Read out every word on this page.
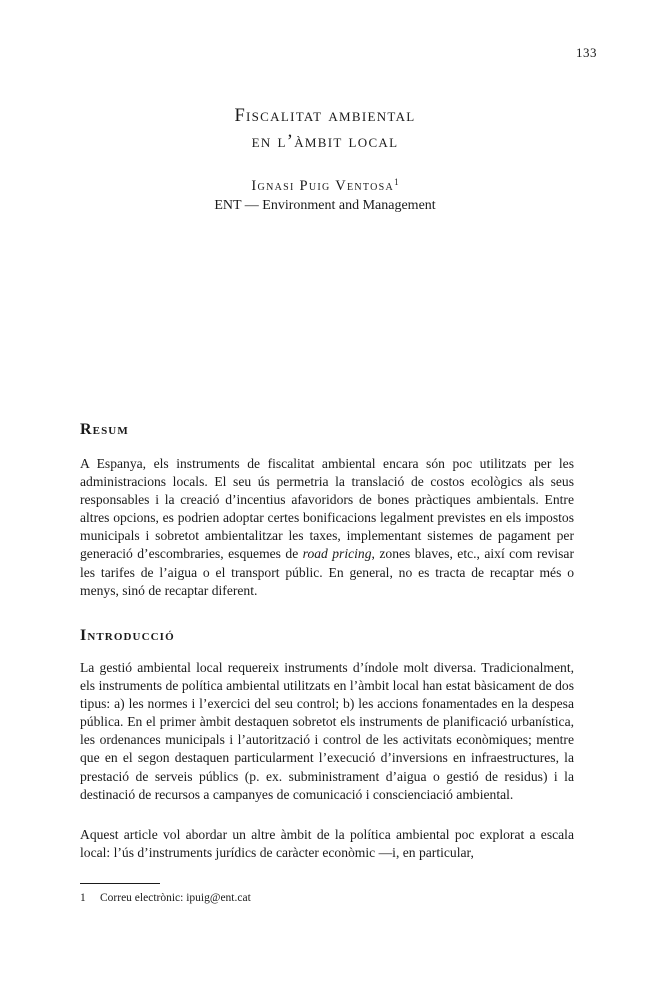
133
Fiscalitat ambiental
en l’àmbit local
Ignasi Puig Ventosa$^1$
ENT — Environment and Management
Resum

A Espanya, els instruments de fiscalitat ambiental encara són poc utilitzats per les administracions locals. El seu ús permetria la translació de costos ecològics als seus responsables i la creació d’incentius afavoridors de bones pràctiques ambientals. Entre altres opcions, es podrien adoptar certes bonificacions legalment previstes en els impostos municipals i sobretot ambientalitzar les taxes, implementant sistemes de pagament per generació d’escombraries, esquemes de road pricing, zones blaves, etc., així com revisar les tarifes de l’aigua o el transport públic. En general, no es tracta de recaptar més o menys, sinó de recaptar diferent.

Introducció

La gestió ambiental local requereix instruments d’índole molt diversa. Tradicionalment, els instruments de política ambiental utilitzats en l’àmbit local han estat bàsicament de dos tipus: a) les normes i l’exercici del seu control; b) les accions fonamentades en la despesa pública. En el primer àmbit destaquen sobretot els instruments de planificació urbanística, les ordenances municipals i l’autorització i control de les activitats econòmiques; mentre que en el segon destaquen particularment l’execució d’inversions en infraestructures, la prestació de serveis públics (p. ex. subministrament d’aigua o gestió de residus) i la destinació de recursos a campanyes de comunicació i conscienciació ambiental.

Aquest article vol abordar un altre àmbit de la política ambiental poc explorat a escala local: l’ús d’instruments jurídics de caràcter econòmic —i, en particular,

1 Correu electrònic: ipuig@ent.cat
